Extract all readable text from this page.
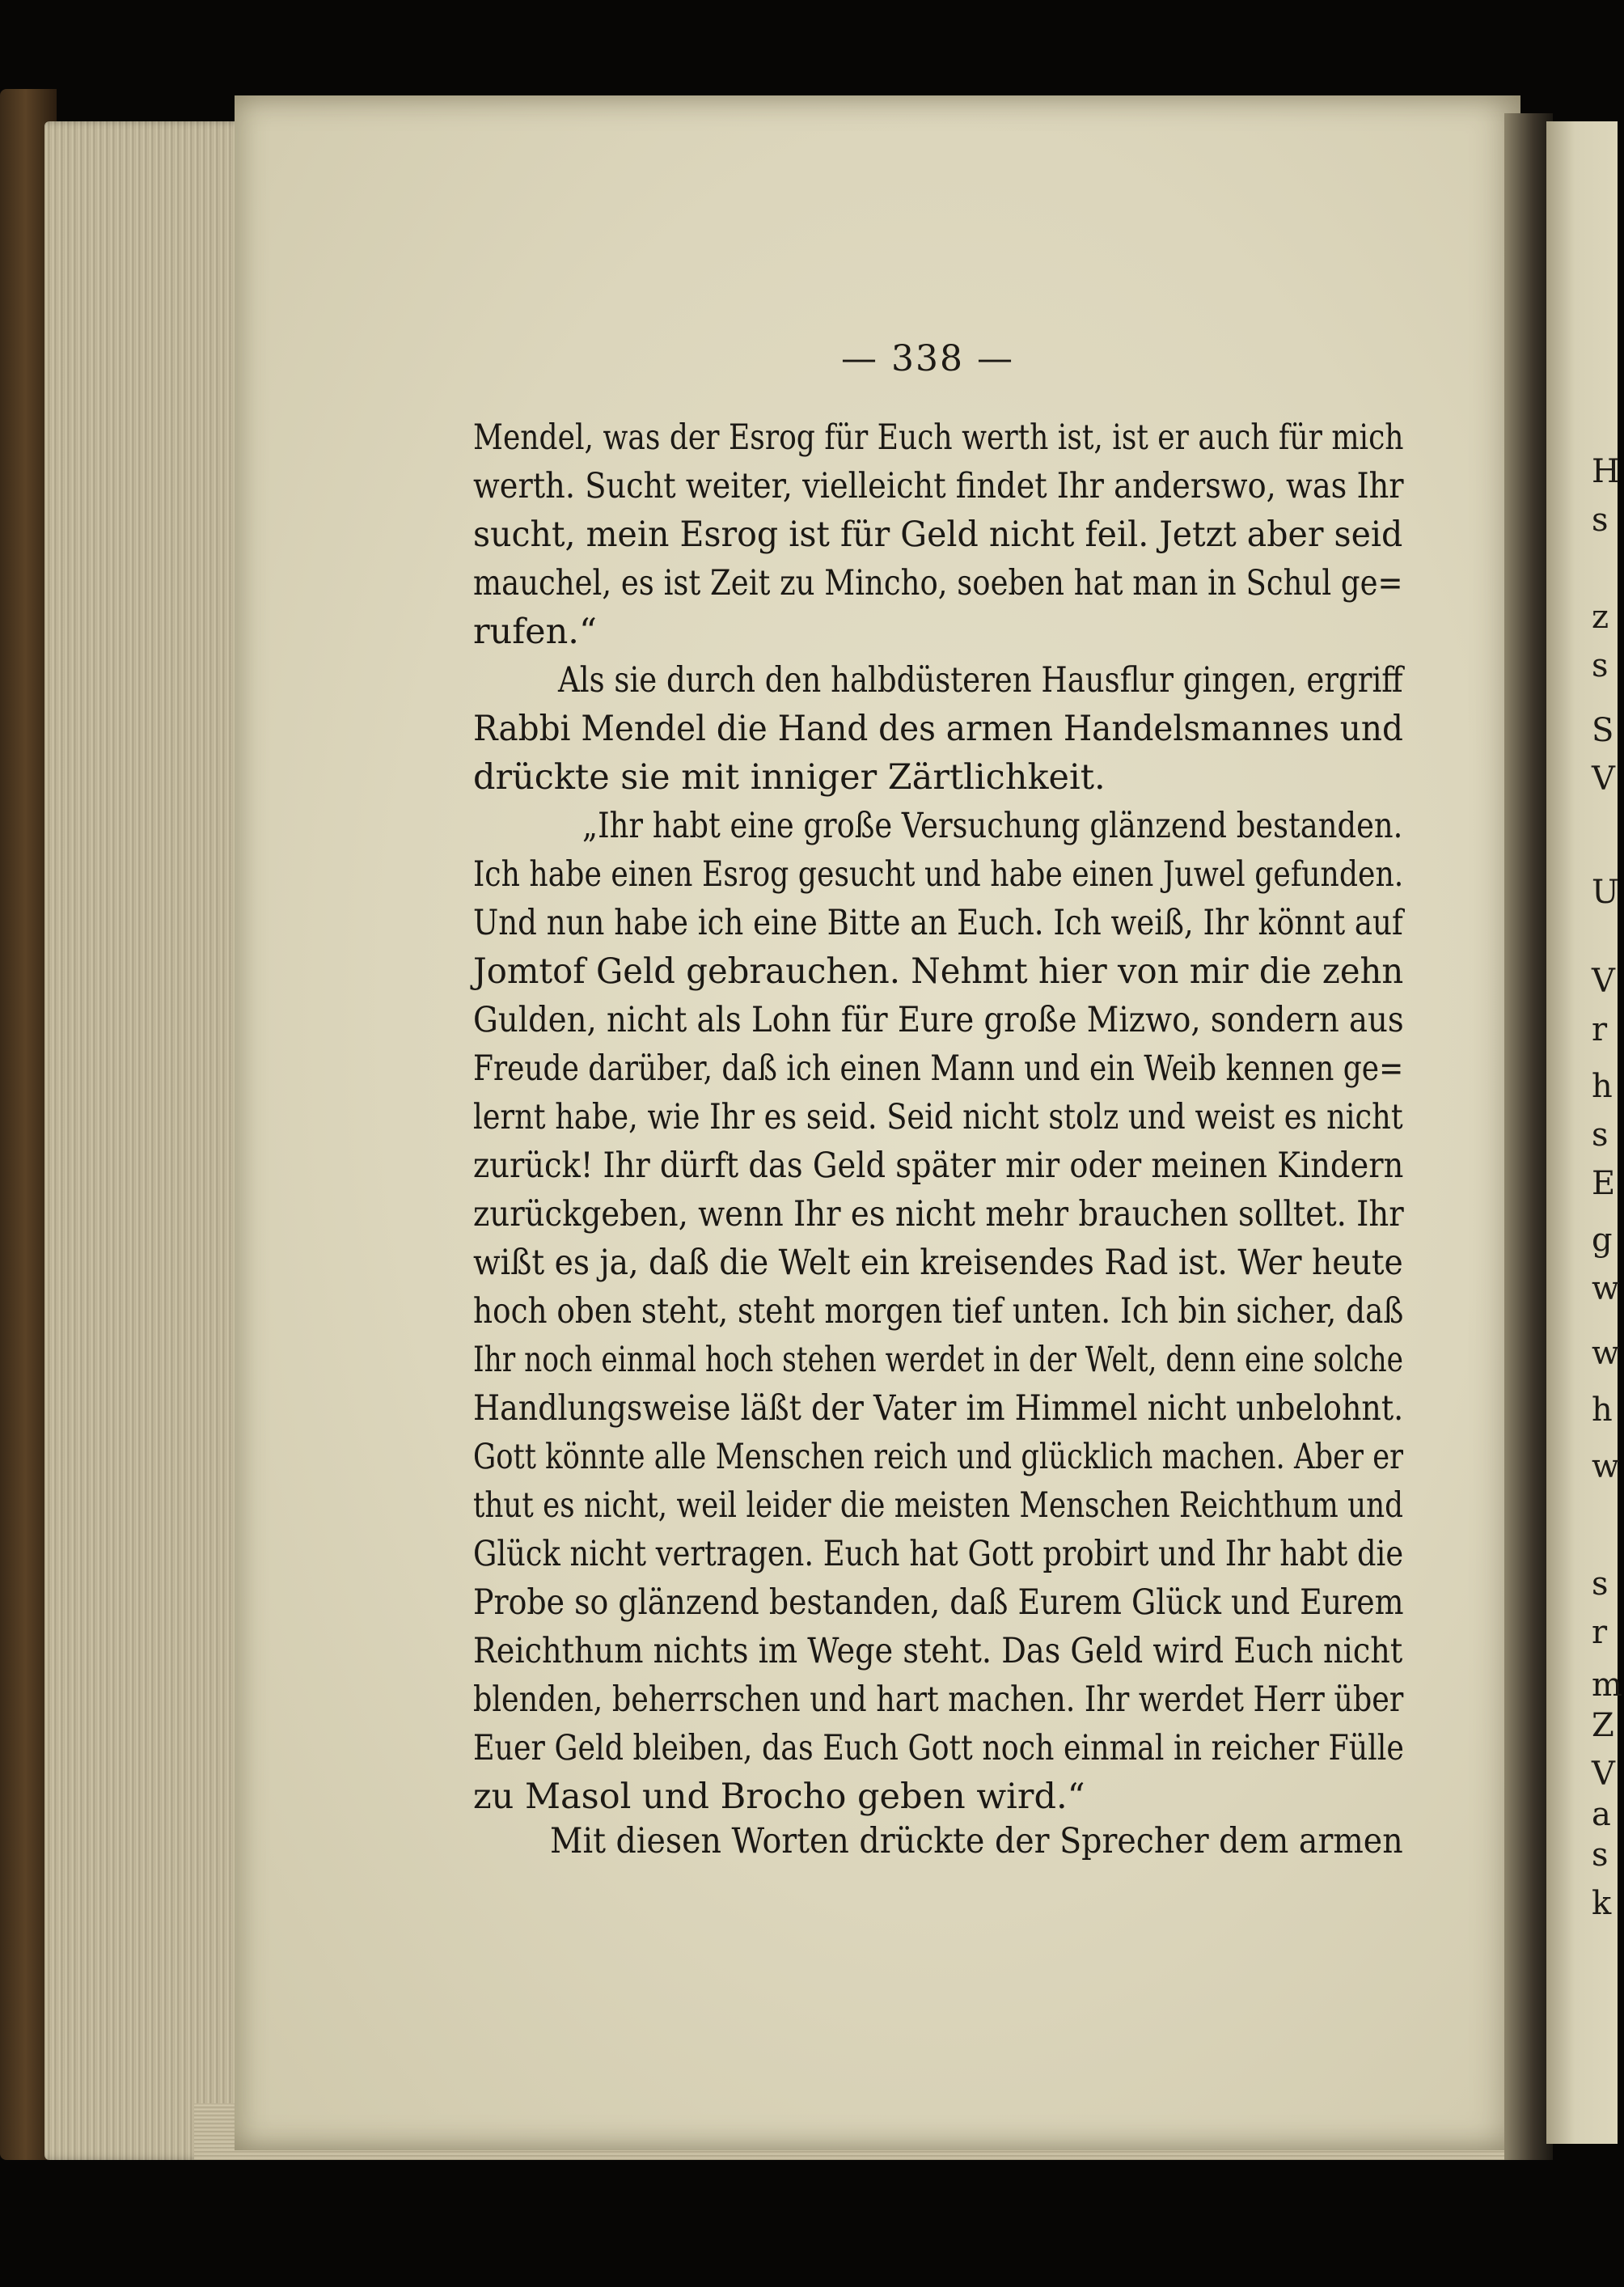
— 338 —
Mendel, was der Esrog für Euch werth ist, ist er auch für mich
werth. Sucht weiter, vielleicht findet Ihr anderswo, was Ihr
sucht, mein Esrog ist für Geld nicht feil. Jetzt aber seid
mauchel, es ist Zeit zu Mincho, soeben hat man in Schul ge=
rufen.“
Als sie durch den halbdüsteren Hausflur gingen, ergriff
Rabbi Mendel die Hand des armen Handelsmannes und
drückte sie mit inniger Zärtlichkeit.
„Ihr habt eine große Versuchung glänzend bestanden.
Ich habe einen Esrog gesucht und habe einen Juwel gefunden.
Und nun habe ich eine Bitte an Euch. Ich weiß, Ihr könnt auf
Jomtof Geld gebrauchen. Nehmt hier von mir die zehn
Gulden, nicht als Lohn für Eure große Mizwo, sondern aus
Freude darüber, daß ich einen Mann und ein Weib kennen ge=
lernt habe, wie Ihr es seid. Seid nicht stolz und weist es nicht
zurück! Ihr dürft das Geld später mir oder meinen Kindern
zurückgeben, wenn Ihr es nicht mehr brauchen solltet. Ihr
wißt es ja, daß die Welt ein kreisendes Rad ist. Wer heute
hoch oben steht, steht morgen tief unten. Ich bin sicher, daß
Ihr noch einmal hoch stehen werdet in der Welt, denn eine solche
Handlungsweise läßt der Vater im Himmel nicht unbelohnt.
Gott könnte alle Menschen reich und glücklich machen. Aber er
thut es nicht, weil leider die meisten Menschen Reichthum und
Glück nicht vertragen. Euch hat Gott probirt und Ihr habt die
Probe so glänzend bestanden, daß Eurem Glück und Eurem
Reichthum nichts im Wege steht. Das Geld wird Euch nicht
blenden, beherrschen und hart machen. Ihr werdet Herr über
Euer Geld bleiben, das Euch Gott noch einmal in reicher Fülle
zu Masol und Brocho geben wird.“
Mit diesen Worten drückte der Sprecher dem armen
H
s
z
s
S
V
U
V
r
h
s
E
g
w
w
h
w
s
r
m
Z
V
a
s
k
